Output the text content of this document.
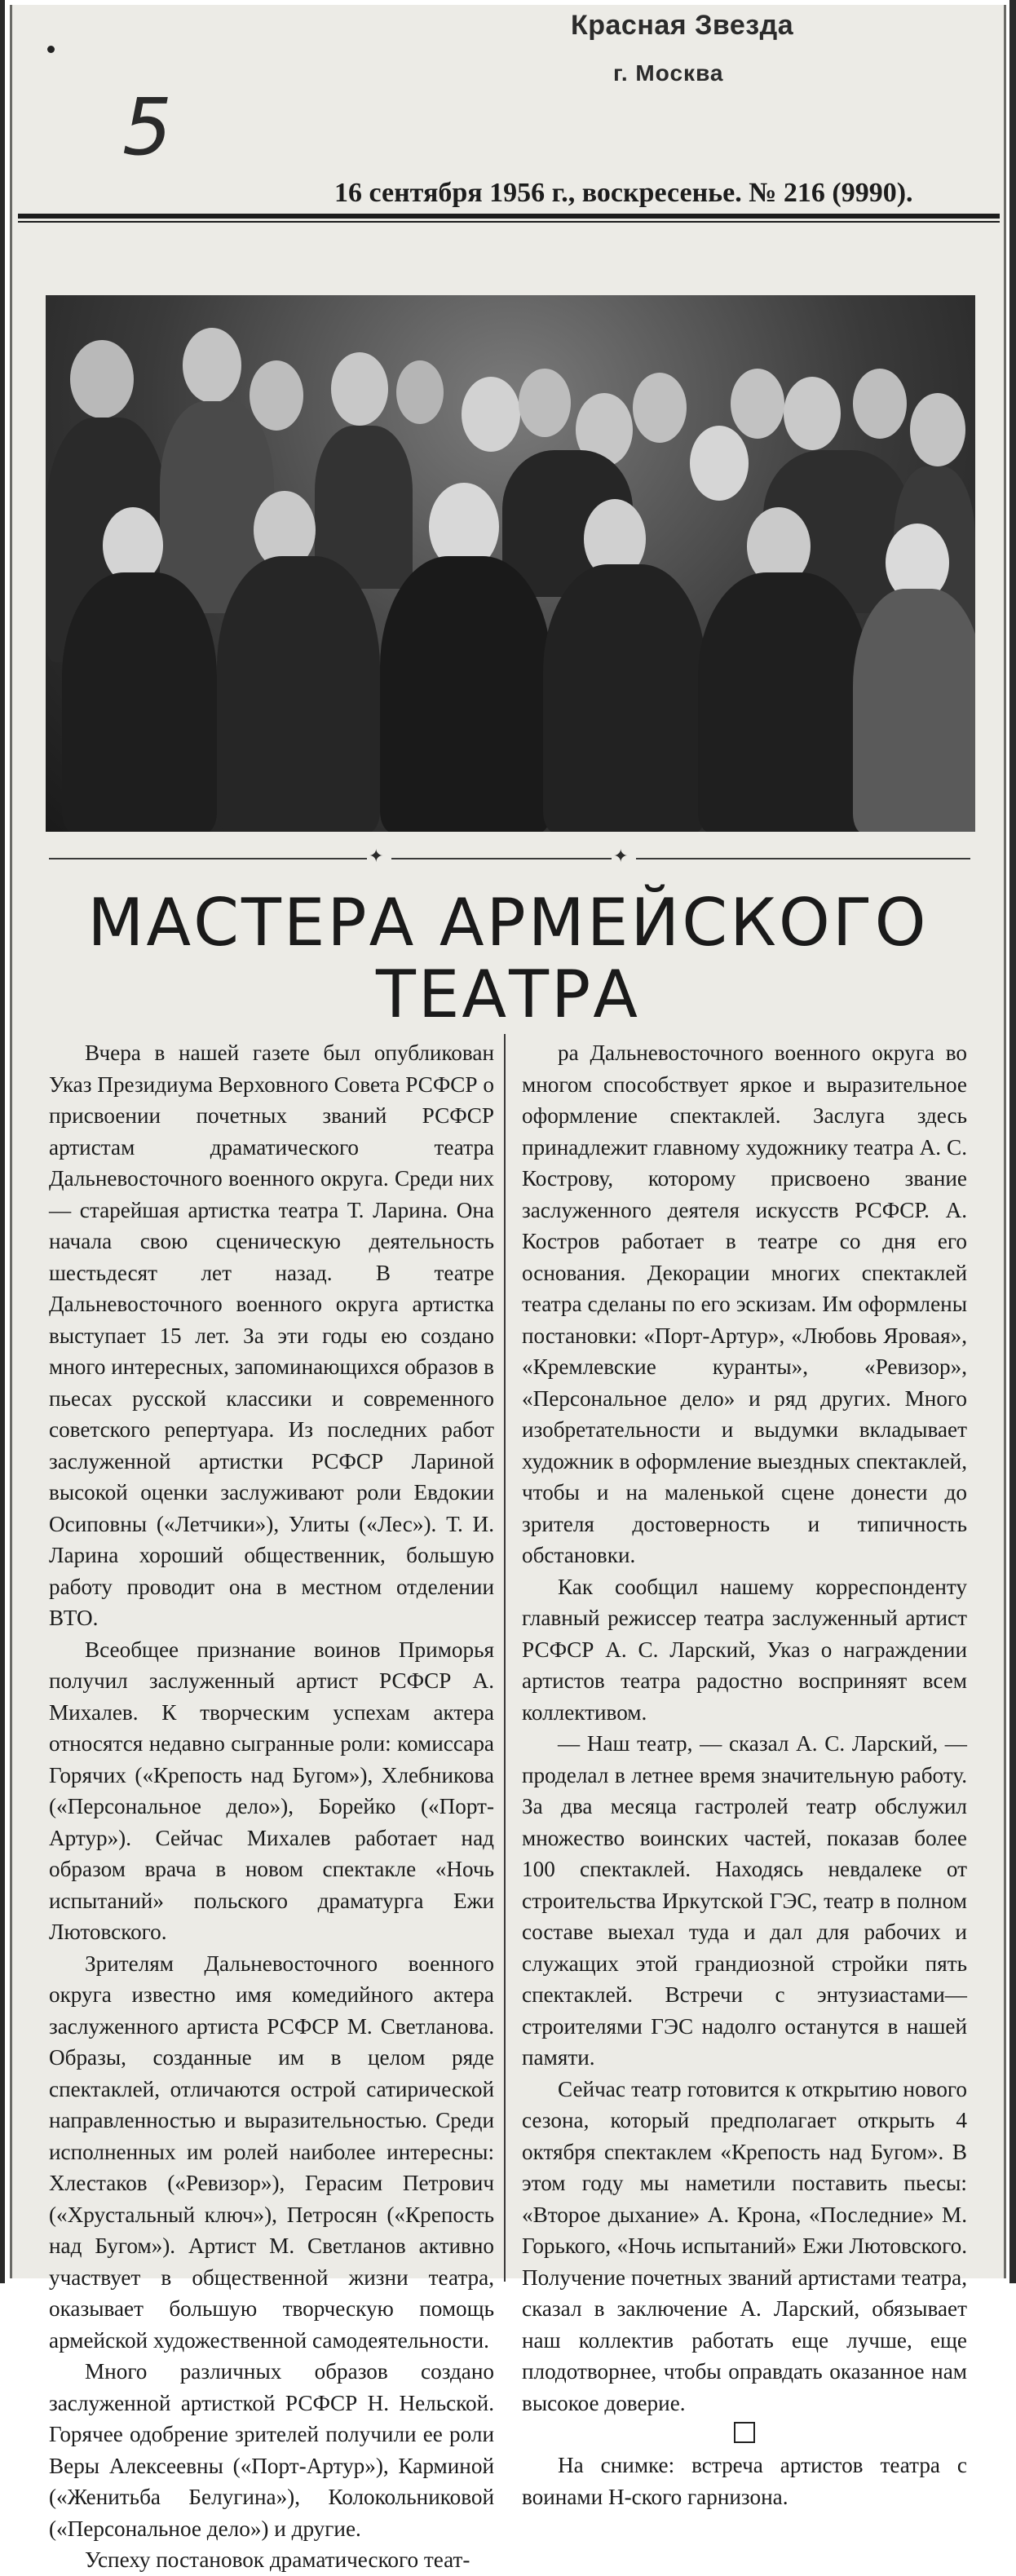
Красная Звезда
г. Москва
5
16 сентября 1956 г., воскресенье. № 216 (9990).
✦	✦
МАСТЕРА АРМЕЙСКОГО
ТЕАТРА

Вчера в нашей газете был опубликован Указ Президиума Верховного Совета РСФСР о присвоении почетных званий РСФСР артистам драматического театра Дальневосточного военного округа. Среди них — старейшая артистка театра Т. Ларина. Она начала свою сценическую деятельность шестьдесят лет назад. В театре Дальневосточного военного округа артистка выступает 15 лет. За эти годы ею создано много интересных, запоминающихся образов в пьесах русской классики и современного советского репертуара. Из последних работ заслуженной артистки РСФСР Лариной высокой оценки заслуживают роли Евдокии Осиповны («Летчики»), Улиты («Лес»). Т. И. Ларина хороший общественник, большую работу проводит она в местном отделении ВТО.

Всеобщее признание воинов Приморья получил заслуженный артист РСФСР А. Михалев. К творческим успехам актера относятся недавно сыгранные роли: комиссара Горячих («Крепость над Бугом»), Хлебникова («Персональное дело»), Борейко («Порт-Артур»). Сейчас Михалев работает над образом врача в новом спектакле «Ночь испытаний» польского драматурга Ежи Лютовского.

Зрителям Дальневосточного военного округа известно имя комедийного актера заслуженного артиста РСФСР М. Светланова. Образы, созданные им в целом ряде спектаклей, отличаются острой сатирической направленностью и выразительностью. Среди исполненных им ролей наиболее интересны: Хлестаков («Ревизор»), Герасим Петрович («Хрустальный ключ»), Петросян («Крепость над Бугом»). Артист М. Светланов активно участвует в общественной жизни театра, оказывает большую творческую помощь армейской художественной самодеятельности.

Много различных образов создано заслуженной артисткой РСФСР Н. Нельской. Горячее одобрение зрителей получили ее роли Веры Алексеевны («Порт-Артур»), Карминой («Женитьба Белугина»), Колокольниковой («Персональное дело») и другие.

Успеху постановок драматического теат-

ра Дальневосточного военного округа во многом способствует яркое и выразительное оформление спектаклей. Заслуга здесь принадлежит главному художнику театра А. С. Кострову, которому присвоено звание заслуженного деятеля искусств РСФСР. А. Костров работает в театре со дня его основания. Декорации многих спектаклей театра сделаны по его эскизам. Им оформлены постановки: «Порт-Артур», «Любовь Яровая», «Кремлевские куранты», «Ревизор», «Персональное дело» и ряд других. Много изобретательности и выдумки вкладывает художник в оформление выездных спектаклей, чтобы и на маленькой сцене донести до зрителя достоверность и типичность обстановки.

Как сообщил нашему корреспонденту главный режиссер театра заслуженный артист РСФСР А. С. Ларский, Указ о награждении артистов театра радостно восприняят всем коллективом.

— Наш театр, — сказал А. С. Ларский, — проделал в летнее время значительную работу. За два месяца гастролей театр обслужил множество воинских частей, показав более 100 спектаклей. Находясь невдалеке от строительства Иркутской ГЭС, театр в полном составе выехал туда и дал для рабочих и служащих этой грандиозной стройки пять спектаклей. Встречи с энтузиастами—строителями ГЭС надолго останутся в нашей памяти.

Сейчас театр готовится к открытию нового сезона, который предполагает открыть 4 октября спектаклем «Крепость над Бугом». В этом году мы наметили поставить пьесы: «Второе дыхание» А. Крона, «Последние» М. Горького, «Ночь испытаний» Ежи Лютовского. Получение почетных званий артистами театра, сказал в заключение А. Ларский, обязывает наш коллектив работать еще лучше, еще плодотворнее, чтобы оправдать оказанное нам высокое доверие.

На снимке: встреча артистов театра с воинами Н-ского гарнизона.
